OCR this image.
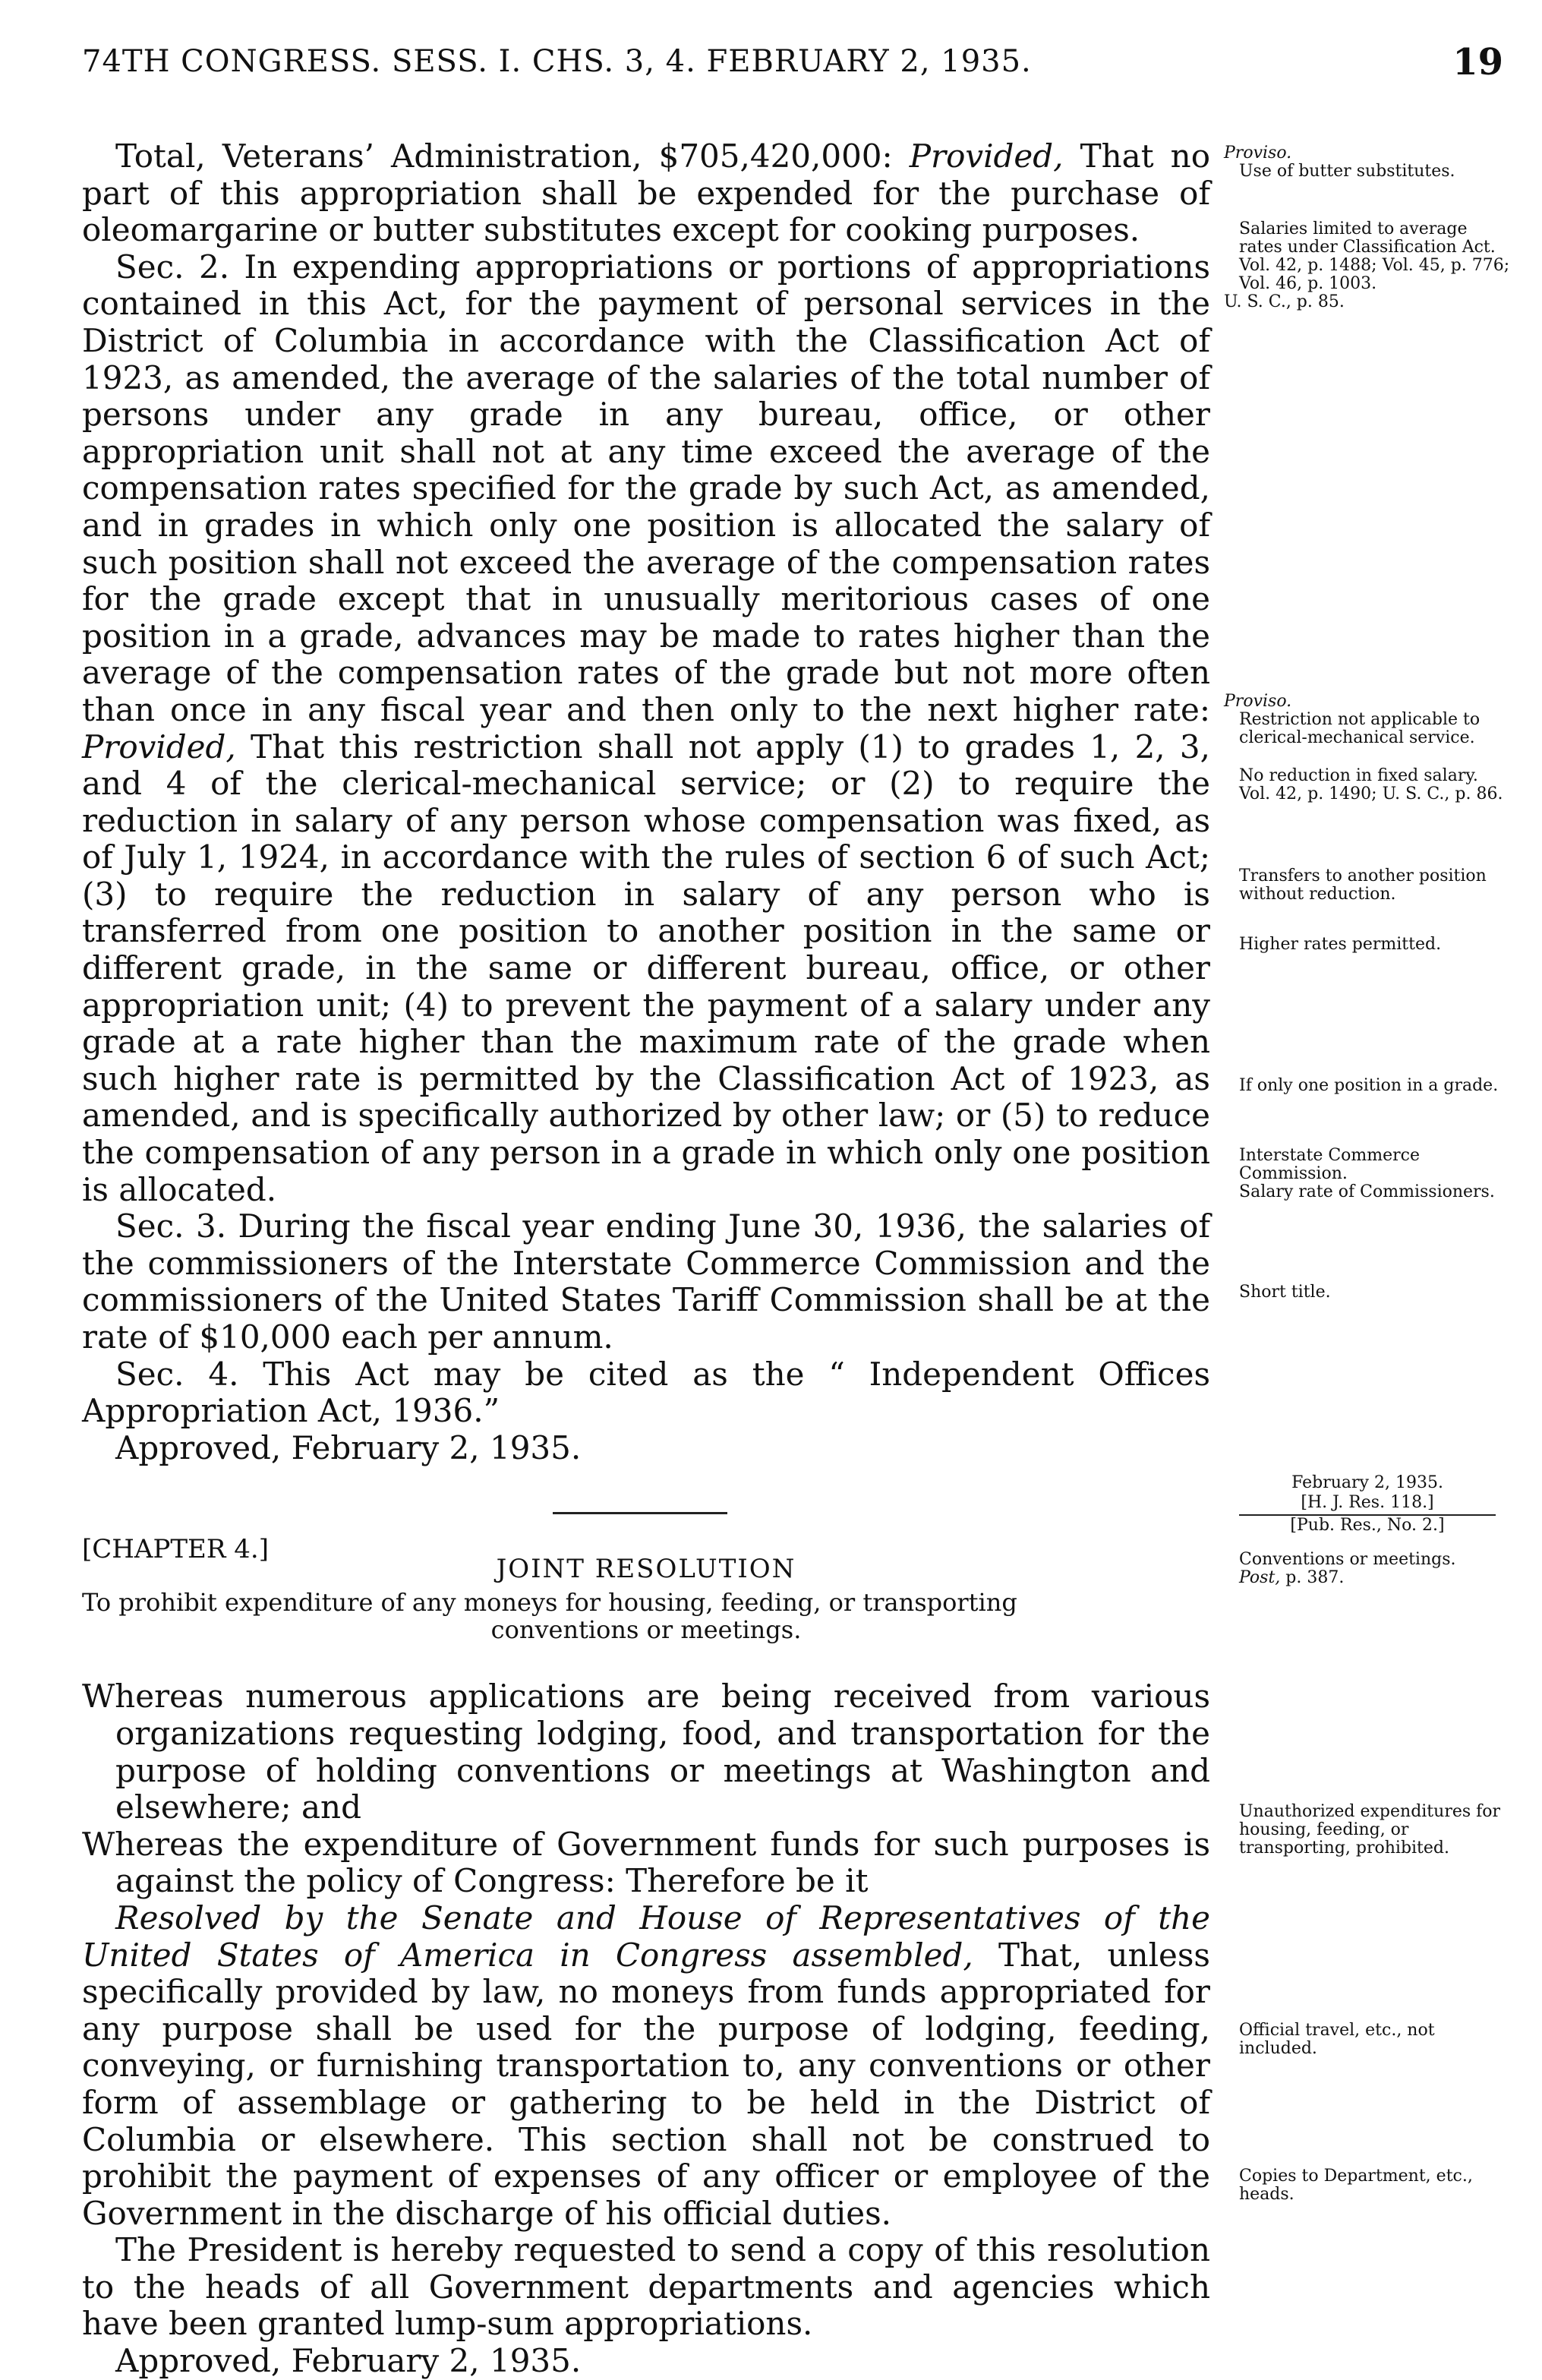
74TH CONGRESS. SESS. I. CHS. 3, 4. FEBRUARY 2, 1935.	19

Total, Veterans’ Administration, $705,420,000: Provided, That no part of this appropriation shall be expended for the purchase of oleomargarine or butter substitutes except for cooking purposes.

Sec. 2. In expending appropriations or portions of appropriations contained in this Act, for the payment of personal services in the District of Columbia in accordance with the Classification Act of 1923, as amended, the average of the salaries of the total number of persons under any grade in any bureau, office, or other appropriation unit shall not at any time exceed the average of the compensation rates specified for the grade by such Act, as amended, and in grades in which only one position is allocated the salary of such position shall not exceed the average of the compensation rates for the grade except that in unusually meritorious cases of one position in a grade, advances may be made to rates higher than the average of the compensation rates of the grade but not more often than once in any fiscal year and then only to the next higher rate: Provided, That this restriction shall not apply (1) to grades 1, 2, 3, and 4 of the clerical-mechanical service; or (2) to require the reduction in salary of any person whose compensation was fixed, as of July 1, 1924, in accordance with the rules of section 6 of such Act; (3) to require the reduction in salary of any person who is transferred from one position to another position in the same or different grade, in the same or different bureau, office, or other appropriation unit; (4) to prevent the payment of a salary under any grade at a rate higher than the maximum rate of the grade when such higher rate is permitted by the Classification Act of 1923, as amended, and is specifically authorized by other law; or (5) to reduce the compensation of any person in a grade in which only one position is allocated.

Sec. 3. During the fiscal year ending June 30, 1936, the salaries of the commissioners of the Interstate Commerce Commission and the commissioners of the United States Tariff Commission shall be at the rate of $10,000 each per annum.

Sec. 4. This Act may be cited as the “ Independent Offices Appropriation Act, 1936.”

Approved, February 2, 1935.

[CHAPTER 4.]
JOINT RESOLUTION

To prohibit expenditure of any moneys for housing, feeding, or transporting

conventions or meetings.

Whereas numerous applications are being received from various organizations requesting lodging, food, and transportation for the purpose of holding conventions or meetings at Washington and elsewhere; and

Whereas the expenditure of Government funds for such purposes is against the policy of Congress: Therefore be it

Resolved by the Senate and House of Representatives of the United States of America in Congress assembled, That, unless specifically provided by law, no moneys from funds appropriated for any purpose shall be used for the purpose of lodging, feeding, conveying, or furnishing transportation to, any conventions or other form of assemblage or gathering to be held in the District of Columbia or elsewhere. This section shall not be construed to prohibit the payment of expenses of any officer or employee of the Government in the discharge of his official duties.

The President is hereby requested to send a copy of this resolution to the heads of all Government departments and agencies which have been granted lump-sum appropriations.

Approved, February 2, 1935.

Proviso.
Use of butter substitutes.
Salaries limited to average rates under Classification Act.
Vol. 42, p. 1488; Vol. 45, p. 776; Vol. 46, p. 1003.
U. S. C., p. 85.
Proviso.
Restriction not applicable to clerical-mechanical service.
No reduction in fixed salary.
Vol. 42, p. 1490; U. S. C., p. 86.
Transfers to another position without reduction.
Higher rates permitted.
If only one position in a grade.
Interstate Commerce Commission.
Salary rate of Commissioners.
Short title.
February 2, 1935.
[H. J. Res. 118.]
[Pub. Res., No. 2.]
Conventions or meetings.
Post, p. 387.
Unauthorized expenditures for housing, feeding, or transporting, prohibited.
Official travel, etc., not included.
Copies to Department, etc., heads.
